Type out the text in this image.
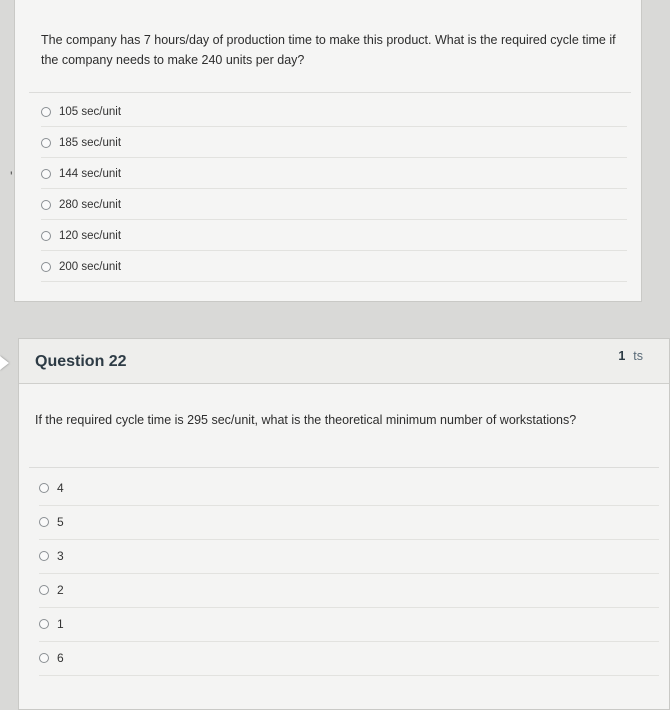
The company has 7 hours/day of production time to make this product. What is the required cycle time if the company needs to make 240 units per day?
105 sec/unit
185 sec/unit
144 sec/unit
280 sec/unit
120 sec/unit
200 sec/unit
ʹ
Question 22	1 ts
If the required cycle time is 295 sec/unit, what is the theoretical minimum number of workstations?
4
5
3
2
1
6
